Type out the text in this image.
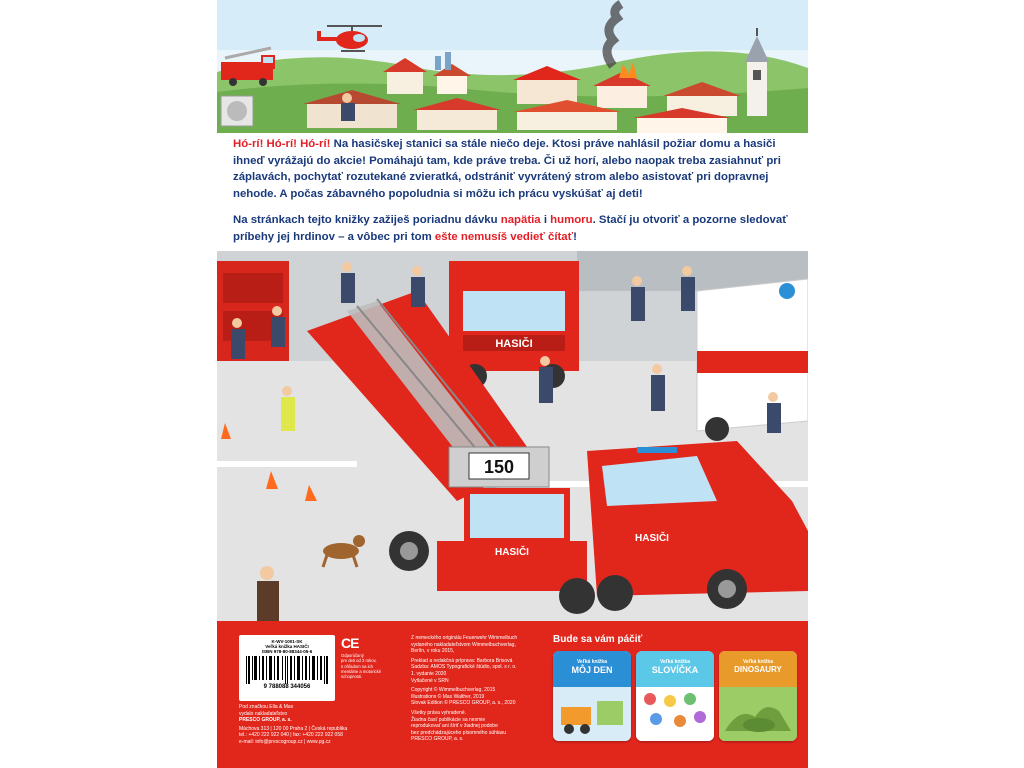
Hó-rí! Hó-rí! Hó-rí! Na hasičskej stanici sa stále niečo deje. Ktosi práve nahlásil požiar domu a hasiči ihneď vyrážajú do akcie! Pomáhajú tam, kde práve treba. Či už horí, alebo naopak treba zasiahnuť pri záplavách, pochytať rozutekané zvieratká, odstrániť vyvrátený strom alebo asistovať pri dopravnej nehode. A počas zábavného popoludnia si môžu ich prácu vyskúšať aj deti!

Na stránkach tejto knižky zažiješ poriadnu dávku napätia i humoru. Stačí ju otvoriť a pozorne sledovať príbehy jej hrdinov – a vôbec pri tom ešte nemusíš vedieť čítať!

HASIČI
150
HASIČI
HASIČI
K-WV-1001-SK
Veľká knižka HASIČI
ISBN 978-80-88344-05-6
9 788088 344056
CE
Odporúčaný
pre deti od 3 rokov,
s ohľadom na ich
mentálne a motorické
schopnosti.
Pod značkou Ella & Max
vydalo nakladateľstvo
PRESCO GROUP, a. s.
Máchova 313 | 120 00 Praha 2 | Česká republika
tel.: +420 222 922 040 | fax: +420 222 922 058
e-mail: info@prescogroup.cz | www.pg.cz
Z nemeckého originálu Feuerwehr Wimmelbuch
vydaného nakladateľstvom Wimmelbuchverlag,
Berlín, v roku 2015,
Preklad a redakčná príprava: Barbora Brixová
Sadzba: AMOS Typografické štúdio, spol. s r. o.
1. vydanie 2020
Vytlačené v SRN
Copyright © Wimmelbuchverlag, 2015
Illustrations © Max Walther, 2019
Slovak Edition © PRESCO GROUP, a. s., 2020
Všetky práva vyhradené.
Žiadna časť publikácie sa nesmie
reprodukovať ani šíriť v žiadnej podobe
bez predchádzajúceho písomného súhlasu
PRESCO GROUP, a. s.
Bude sa vám páčiť
Veľká knižka
MÔJ DEN
Veľká knižka
SLOVÍČKA
Veľká knižka
DINOSAURY
